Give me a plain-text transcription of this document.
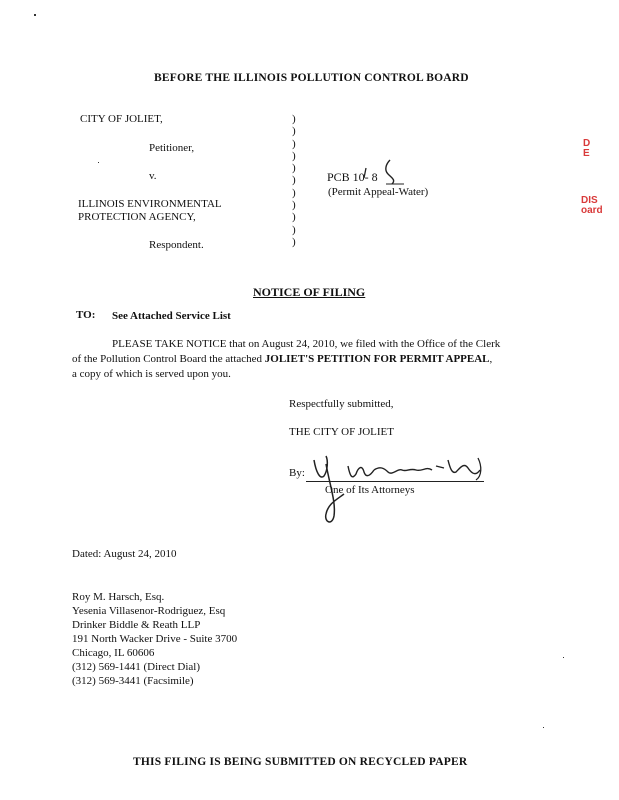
BEFORE THE ILLINOIS POLLUTION CONTROL BOARD
CITY OF JOLIET,
Petitioner,
v.
ILLINOIS ENVIRONMENTAL
PROTECTION AGENCY,
Respondent.
)
)
)
)
)
)
)
)
)
)
)
PCB 10- 8
(Permit Appeal-Water)
D
E
DIS
oard
NOTICE OF FILING
TO: See Attached Service List
PLEASE TAKE NOTICE that on August 24, 2010, we filed with the Office of the Clerk
of the Pollution Control Board the attached JOLIET'S PETITION FOR PERMIT APPEAL,
a copy of which is served upon you.
Respectfully submitted,
THE CITY OF JOLIET
By:
One of Its Attorneys
Dated: August 24, 2010
Roy M. Harsch, Esq.
Yesenia Villasenor-Rodriguez, Esq
Drinker Biddle & Reath LLP
191 North Wacker Drive - Suite 3700
Chicago, IL 60606
(312) 569-1441 (Direct Dial)
(312) 569-3441 (Facsimile)
THIS FILING IS BEING SUBMITTED ON RECYCLED PAPER
